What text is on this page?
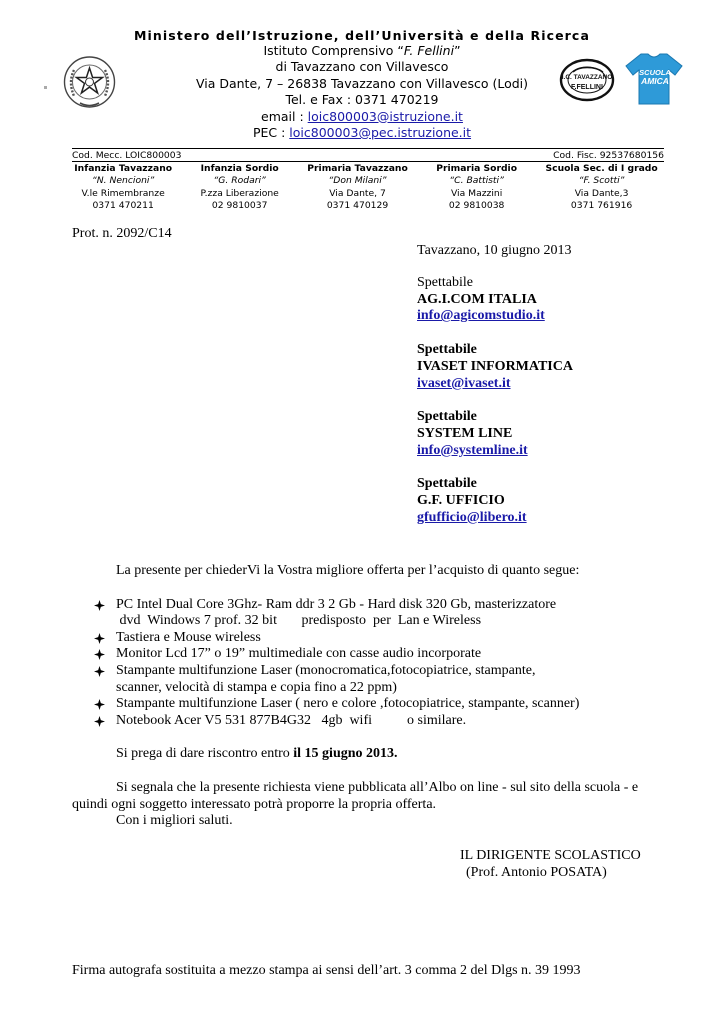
Ministero dell’Istruzione, dell’Università e della Ricerca
Istituto Comprensivo “F. Fellini”
di Tavazzano con Villavesco
Via Dante, 7 – 26838 Tavazzano con Villavesco (Lodi)
Tel. e Fax : 0371 470219
email : loic800003@istruzione.it
PEC : loic800003@pec.istruzione.it
I.C. TAVAZZANO
F.FELLINI
SCUOLA
AMICA
Cod. Mecc. LOIC800003	Cod. Fisc. 92537680156
Infanzia Tavazzano
“N. Nencioni”
V.le Rimembranze
0371 470211
Infanzia Sordio
“G. Rodari”
P.zza Liberazione
02 9810037
Primaria Tavazzano
“Don Milani”
Via Dante, 7
0371 470129
Primaria Sordio
“C. Battisti”
Via Mazzini
02 9810038
Scuola Sec. di I grado
“F. Scotti”
Via Dante,3
0371 761916
Prot. n. 2092/C14
Tavazzano, 10 giugno 2013
Spettabile
AG.I.COM ITALIA
info@agicomstudio.it
Spettabile
IVASET INFORMATICA
ivaset@ivaset.it
Spettabile
SYSTEM LINE
info@systemline.it
Spettabile
G.F. UFFICIO
gfufficio@libero.it
La presente per chiederVi la Vostra migliore offerta per l’acquisto di quanto segue:
PC Intel Dual Core 3Ghz- Ram ddr 3 2 Gb - Hard disk 320 Gb, masterizzatore
dvd  Windows 7 prof. 32 bit       predisposto  per  Lan e Wireless
Tastiera e Mouse wireless
Monitor Lcd 17” o 19” multimediale con casse audio incorporate
Stampante multifunzione Laser (monocromatica,fotocopiatrice, stampante,
scanner, velocità di stampa e copia fino a 22 ppm)
Stampante multifunzione Laser ( nero e colore ,fotocopiatrice, stampante, scanner)
Notebook Acer V5 531 877B4G32   4gb  wifi          o similare.
Si prega di dare riscontro entro il 15 giugno 2013.
Si segnala che la presente richiesta viene pubblicata all’Albo on line - sul sito della scuola - e quindi ogni soggetto interessato potrà proporre la propria offerta.
Con i migliori saluti.
IL DIRIGENTE SCOLASTICO
(Prof. Antonio POSATA)
Firma autografa sostituita a mezzo stampa ai sensi dell’art. 3 comma 2 del Dlgs n. 39 1993
